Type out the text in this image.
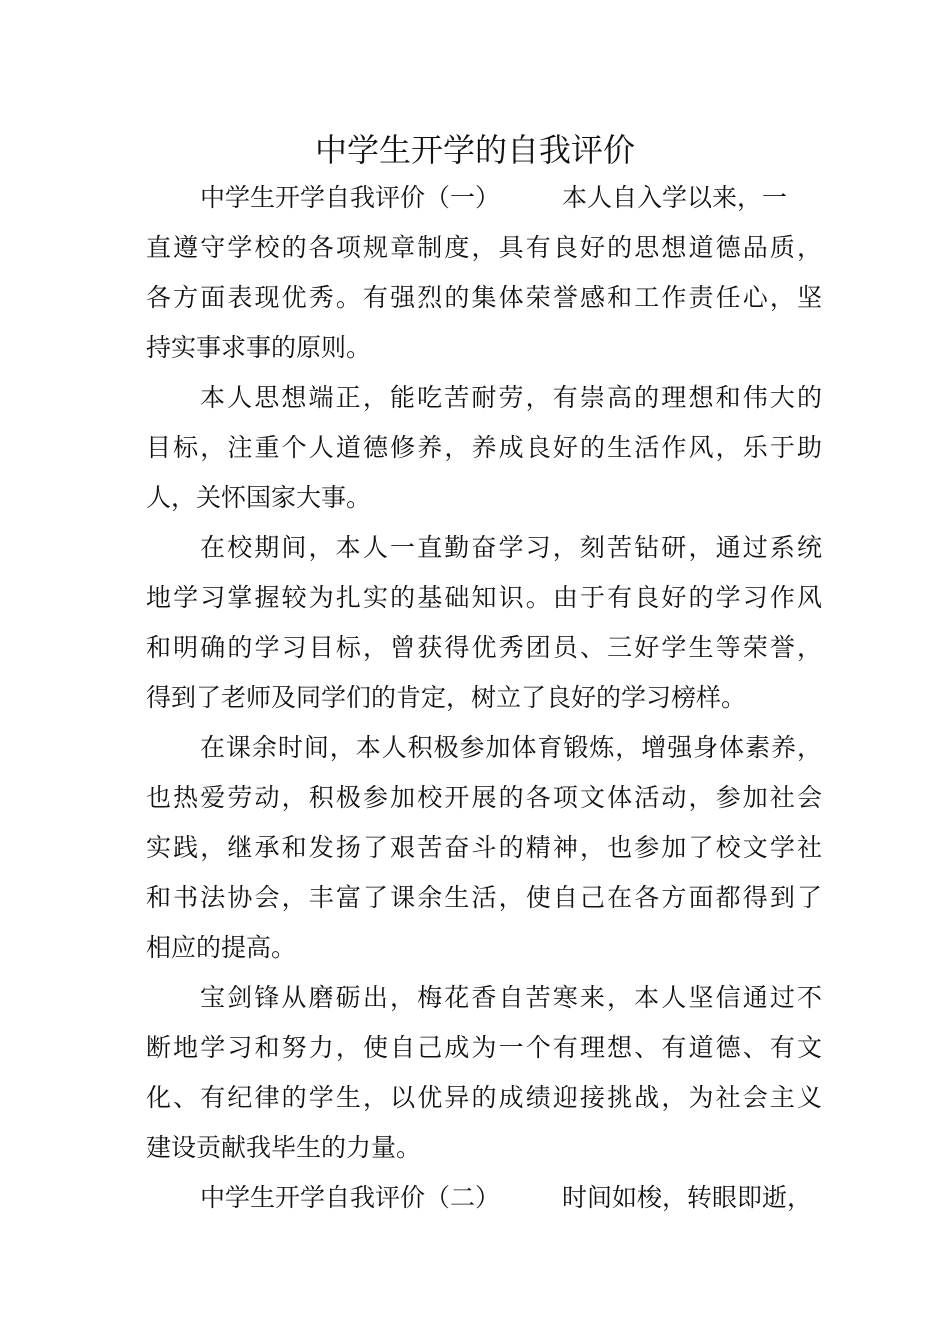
中学生开学的自我评价

中学生开学自我评价（一） 本人自入学以来，一

直遵守学校的各项规章制度，具有良好的思想道德品质，

各方面表现优秀。有强烈的集体荣誉感和工作责任心，坚

持实事求事的原则。

本人思想端正，能吃苦耐劳，有崇高的理想和伟大的

目标，注重个人道德修养，养成良好的生活作风，乐于助

人，关怀国家大事。

在校期间，本人一直勤奋学习，刻苦钻研，通过系统

地学习掌握较为扎实的基础知识。由于有良好的学习作风

和明确的学习目标，曾获得优秀团员、三好学生等荣誉，

得到了老师及同学们的肯定，树立了良好的学习榜样。

在课余时间，本人积极参加体育锻炼，增强身体素养，

也热爱劳动，积极参加校开展的各项文体活动，参加社会

实践，继承和发扬了艰苦奋斗的精神，也参加了校文学社

和书法协会，丰富了课余生活，使自己在各方面都得到了

相应的提高。

宝剑锋从磨砺出，梅花香自苦寒来，本人坚信通过不

断地学习和努力，使自己成为一个有理想、有道德、有文

化、有纪律的学生，以优异的成绩迎接挑战，为社会主义

建设贡献我毕生的力量。

中学生开学自我评价（二） 时间如梭，转眼即逝，
